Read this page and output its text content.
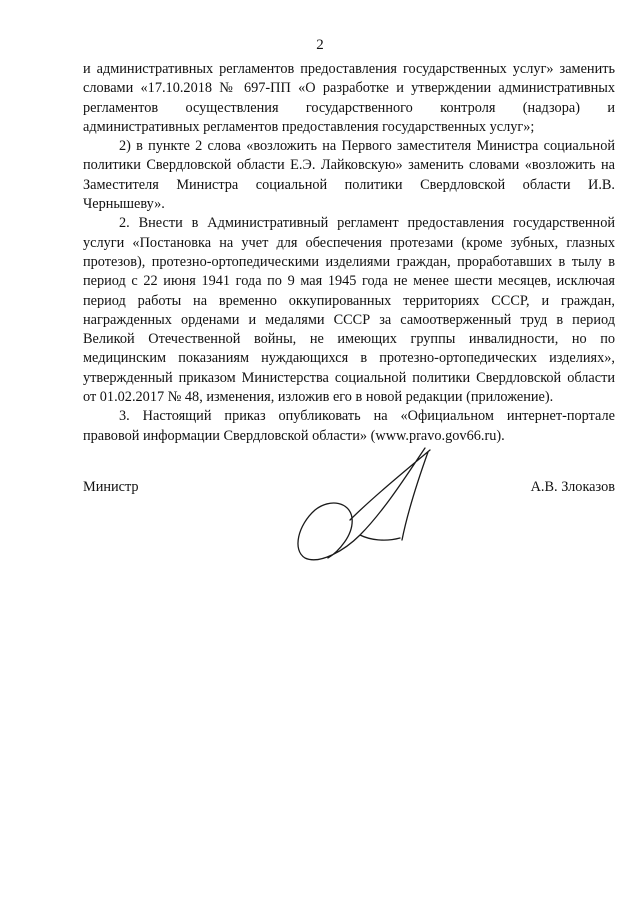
2

и административных регламентов предоставления государственных услуг» заменить словами «17.10.2018 № 697-ПП «О разработке и утверждении административных регламентов осуществления государственного контроля (надзора) и административных регламентов предоставления государственных услуг»;

2) в пункте 2 слова «возложить на Первого заместителя Министра социальной политики Свердловской области Е.Э. Лайковскую» заменить словами «возложить на Заместителя Министра социальной политики Свердловской области И.В. Чернышеву».

2. Внести в Административный регламент предоставления государственной услуги «Постановка на учет для обеспечения протезами (кроме зубных, глазных протезов), протезно-ортопедическими изделиями граждан, проработавших в тылу в период с 22 июня 1941 года по 9 мая 1945 года не менее шести месяцев, исключая период работы на временно оккупированных территориях СССР, и граждан, награжденных орденами и медалями СССР за самоотверженный труд в период Великой Отечественной войны, не имеющих группы инвалидности, но по медицинским показаниям нуждающихся в протезно-ортопедических изделиях», утвержденный приказом Министерства социальной политики Свердловской области от 01.02.2017 № 48, изменения, изложив его в новой редакции (приложение).

3. Настоящий приказ опубликовать на «Официальном интернет-портале правовой информации Свердловской области» (www.pravo.gov66.ru).

Министр	А.В. Злоказов
